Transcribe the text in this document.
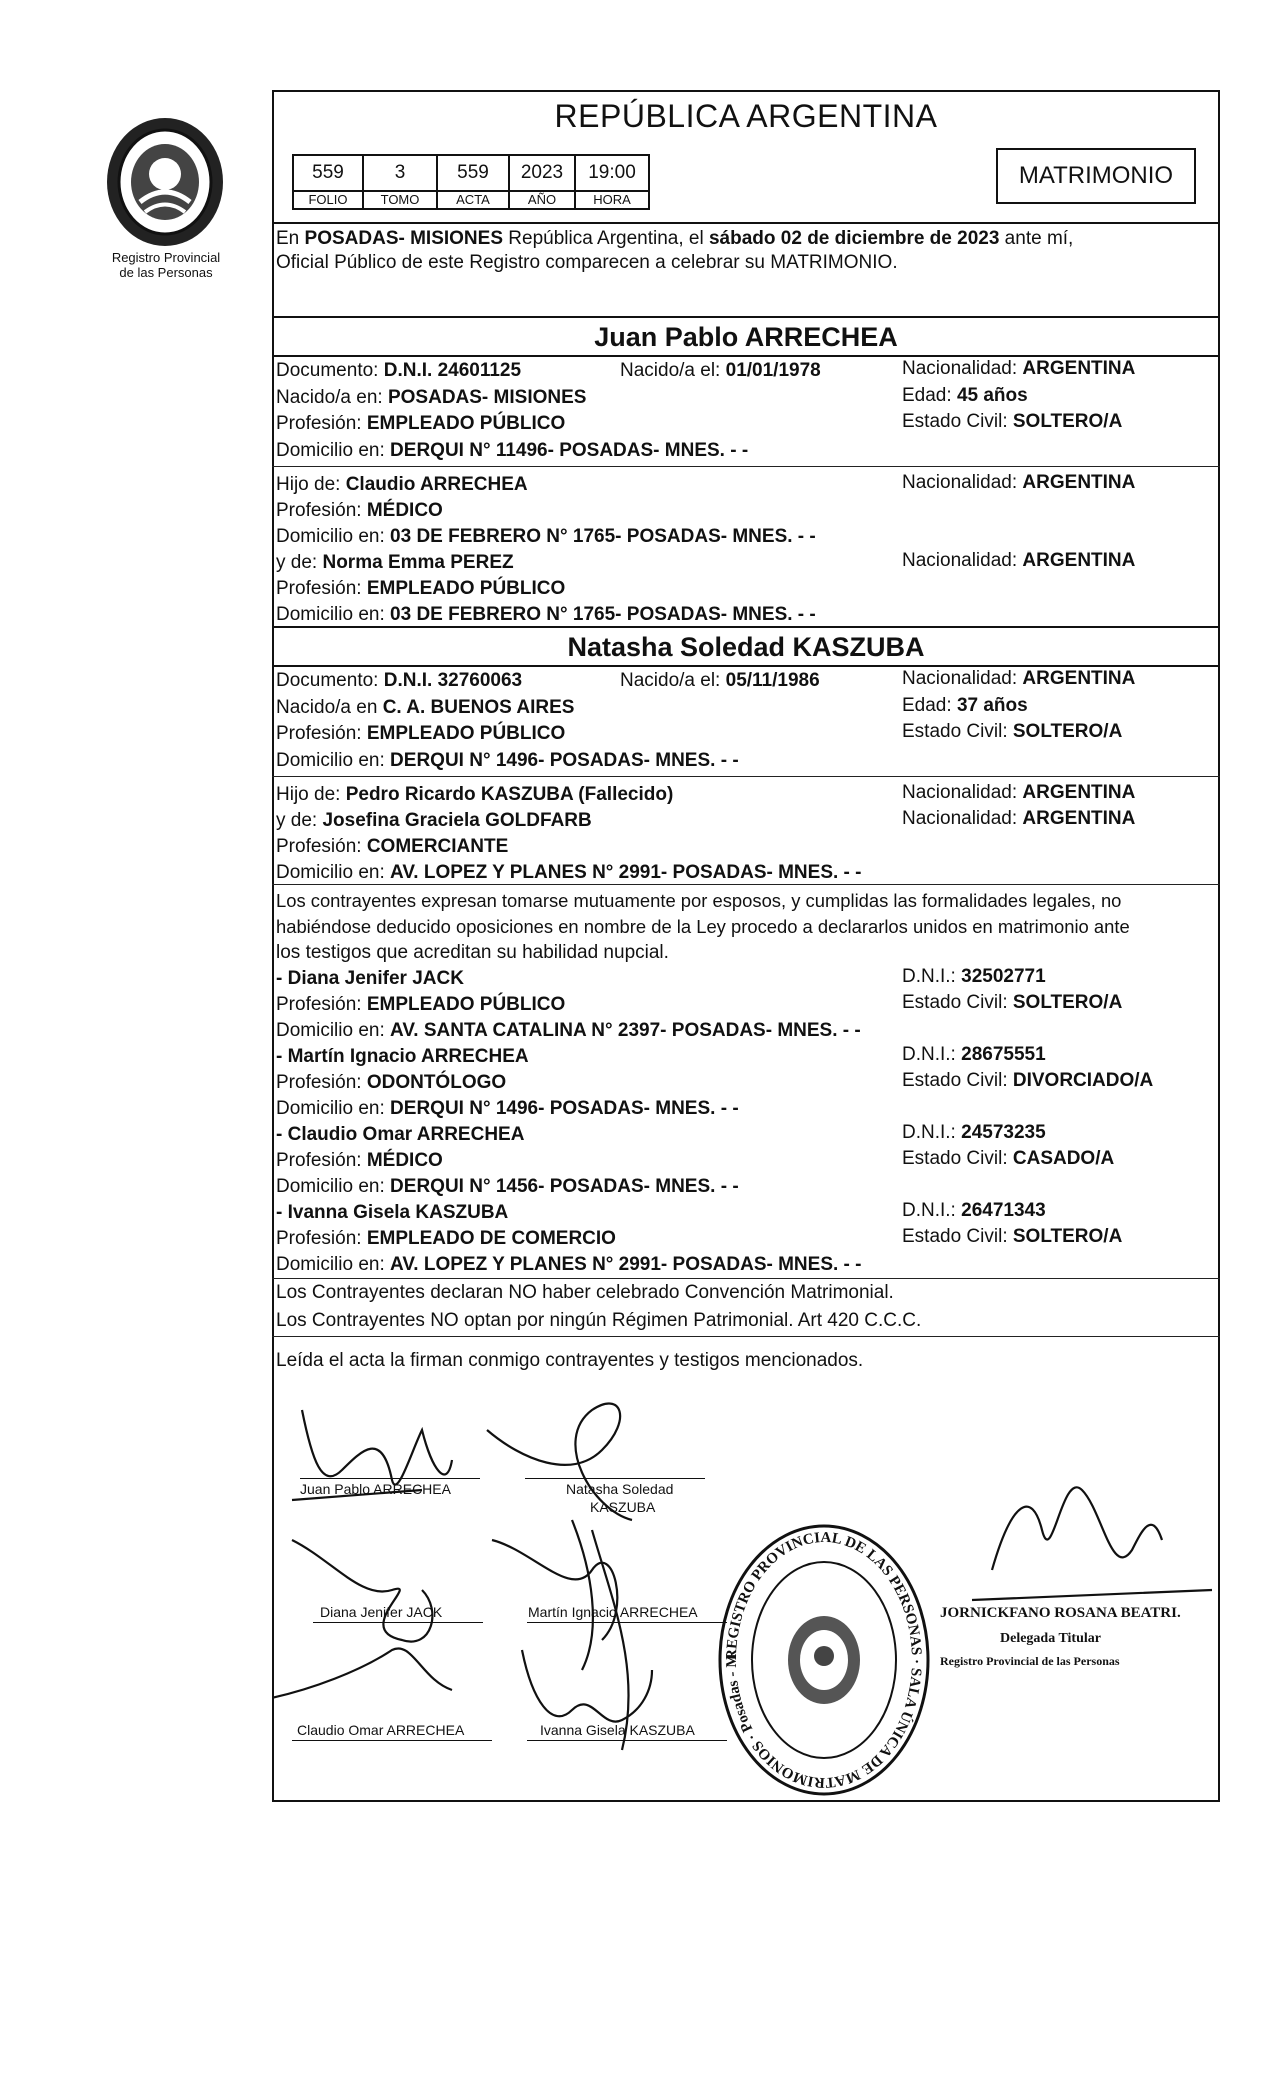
Registro Provincial
de las Personas
REPÚBLICA ARGENTINA
559	3	559	2023	19:00
FOLIO	TOMO	ACTA	AÑO	HORA
MATRIMONIO
En POSADAS- MISIONES República Argentina, el sábado 02 de diciembre de 2023 ante mí,
Oficial Público de este Registro comparecen a celebrar su MATRIMONIO.
Juan Pablo ARRECHEA
Documento: D.N.I. 24601125	Nacido/a el: 01/01/1978	Nacionalidad: ARGENTINA
Nacido/a en: POSADAS- MISIONES	Edad: 45 años
Profesión: EMPLEADO PÚBLICO	Estado Civil: SOLTERO/A
Domicilio en: DERQUI N° 11496- POSADAS- MNES. - -
Hijo de: Claudio ARRECHEA	Nacionalidad: ARGENTINA
Profesión: MÉDICO
Domicilio en: 03 DE FEBRERO N° 1765- POSADAS- MNES. - -
y de: Norma Emma PEREZ	Nacionalidad: ARGENTINA
Profesión: EMPLEADO PÚBLICO
Domicilio en: 03 DE FEBRERO N° 1765- POSADAS- MNES. - -
Natasha Soledad KASZUBA
Documento: D.N.I. 32760063	Nacido/a el: 05/11/1986	Nacionalidad: ARGENTINA
Nacido/a en C. A. BUENOS AIRES	Edad: 37 años
Profesión: EMPLEADO PÚBLICO	Estado Civil: SOLTERO/A
Domicilio en: DERQUI N° 1496- POSADAS- MNES. - -
Hijo de: Pedro Ricardo KASZUBA (Fallecido)	Nacionalidad: ARGENTINA
y de: Josefina Graciela GOLDFARB	Nacionalidad: ARGENTINA
Profesión: COMERCIANTE
Domicilio en: AV. LOPEZ Y PLANES N° 2991- POSADAS- MNES. - -
Los contrayentes expresan tomarse mutuamente por esposos, y cumplidas las formalidades legales, no
habiéndose deducido oposiciones en nombre de la Ley procedo a declararlos unidos en matrimonio ante
los testigos que acreditan su habilidad nupcial.
- Diana Jenifer JACK	D.N.I.: 32502771
Profesión: EMPLEADO PÚBLICO	Estado Civil: SOLTERO/A
Domicilio en: AV. SANTA CATALINA N° 2397- POSADAS- MNES. - -
- Martín Ignacio ARRECHEA	D.N.I.: 28675551
Profesión: ODONTÓLOGO	Estado Civil: DIVORCIADO/A
Domicilio en: DERQUI N° 1496- POSADAS- MNES. - -
- Claudio Omar ARRECHEA	D.N.I.: 24573235
Profesión: MÉDICO	Estado Civil: CASADO/A
Domicilio en: DERQUI N° 1456- POSADAS- MNES. - -
- Ivanna Gisela KASZUBA	D.N.I.: 26471343
Profesión: EMPLEADO DE COMERCIO	Estado Civil: SOLTERO/A
Domicilio en: AV. LOPEZ Y PLANES N° 2991- POSADAS- MNES. - -
Los Contrayentes declaran NO haber celebrado Convención Matrimonial.
Los Contrayentes NO optan por ningún Régimen Patrimonial. Art 420 C.C.C.
Leída el acta la firman conmigo contrayentes y testigos mencionados.
Juan Pablo ARRECHEA	Natasha Soledad
KASZUBA
Diana Jenifer JACK	Martín Ignacio ARRECHEA
Claudio Omar ARRECHEA	Ivanna Gisela KASZUBA
REGISTRO PROVINCIAL DE LAS PERSONAS · SALA ÚNICA DE MATRIMONIOS · Posadas - M
JORNICKFANO ROSANA BEATRI.
Delegada Titular
Registro Provincial de las Personas
